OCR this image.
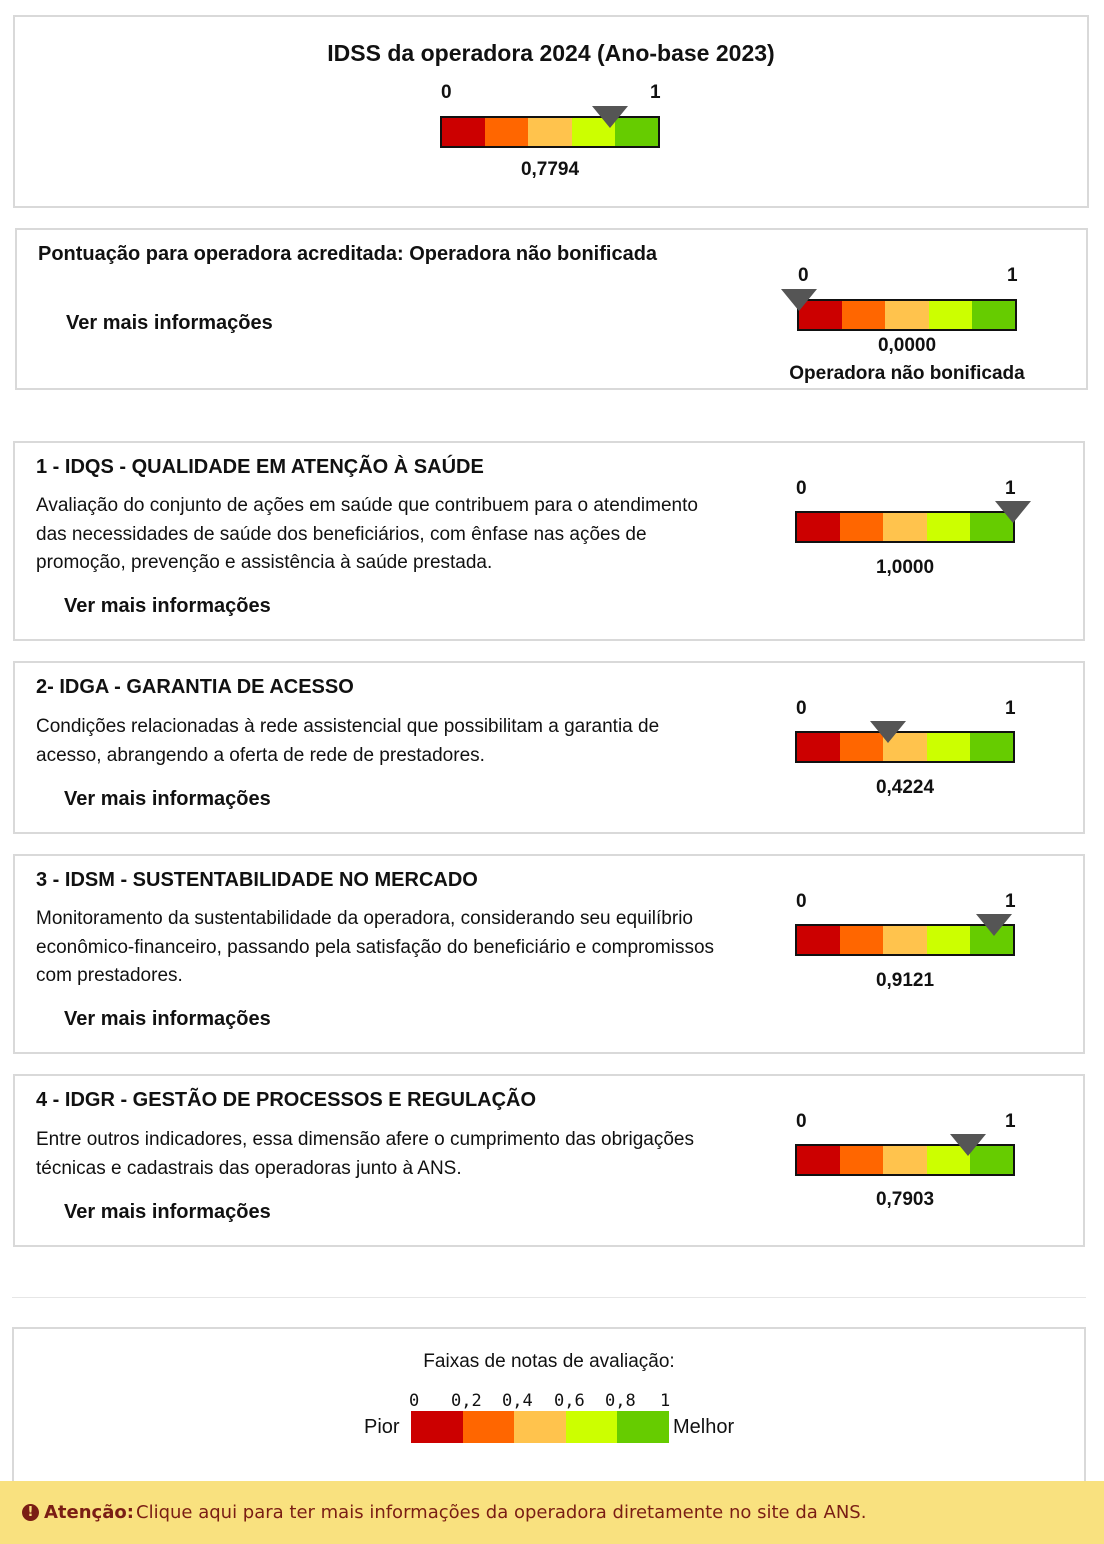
IDSS da operadora 2024 (Ano-base 2023)
0	1
0,7794
Pontuação para operadora acreditada: Operadora não bonificada
Ver mais informações
0	1
0,0000
Operadora não bonificada
1 - IDQS - QUALIDADE EM ATENÇÃO À SAÚDE
Avaliação do conjunto de ações em saúde que contribuem para o atendimento das necessidades de saúde dos beneficiários, com ênfase nas ações de promoção, prevenção e assistência à saúde prestada.
Ver mais informações
0	1
1,0000
2- IDGA - GARANTIA DE ACESSO
Condições relacionadas à rede assistencial que possibilitam a garantia de acesso, abrangendo a oferta de rede de prestadores.
Ver mais informações
0	1
0,4224
3 - IDSM - SUSTENTABILIDADE NO MERCADO
Monitoramento da sustentabilidade da operadora, considerando seu equilíbrio econômico-financeiro, passando pela satisfação do beneficiário e compromissos com prestadores.
Ver mais informações
0	1
0,9121
4 - IDGR - GESTÃO DE PROCESSOS E REGULAÇÃO
Entre outros indicadores, essa dimensão afere o cumprimento das obrigações técnicas e cadastrais das operadoras junto à ANS.
Ver mais informações
0	1
0,7903
Faixas de notas de avaliação:
0 0,2 0,4 0,6 0,8 1
Pior	Melhor
! Atenção: Clique aqui para ter mais informações da operadora diretamente no site da ANS.
